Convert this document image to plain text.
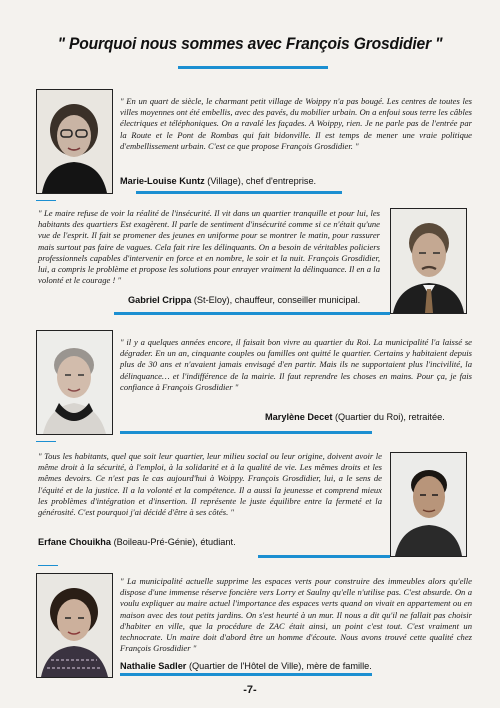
" Pourquoi nous sommes avec François Grosdidier "

" En un quart de siècle, le charmant petit village de Woippy n'a pas bougé. Les centres de toutes les villes moyennes ont été embellis, avec des pavés, du mobilier urbain. On a enfoui sous terre les câbles électriques et téléphoniques. On a ravalé les façades. A Woippy, rien. Je ne parle pas de l'entrée par la Route et le Pont de Rombas qui fait bidonville. Il est temps de mener une vraie politique d'embellissement urbain. C'est ce que propose François Grosdidier. "

Marie-Louise Kuntz (Village), chef d'entreprise.

" Le maire refuse de voir la réalité de l'insécurité. Il vit dans un quartier tranquille et pour lui, les habitants des quartiers Est exagèrent. Il parle de sentiment d'insécurité comme si ce n'était qu'une vue de l'esprit. Il fait se promener des jeunes en uniforme pour se montrer le matin, pour rassurer mais surtout pas faire de vagues. Cela fait rire les délinquants. On a besoin de véritables policiers professionnels capables d'intervenir en force et en nombre, le soir et la nuit. François Grosdidier, lui, a compris le problème et propose les solutions pour enrayer vraiment la délinquance. Il en a la volonté et le courage ! "

Gabriel Crippa (St-Eloy), chauffeur, conseiller municipal.

" il y a quelques années encore, il faisait bon vivre au quartier du Roi. La municipalité l'a laissé se dégrader. En un an, cinquante couples ou familles ont quitté le quartier. Certains y habitaient depuis plus de 30 ans et n'avaient jamais envisagé d'en partir. Mais ils ne supportaient plus l'incivilité, la délinquance… et l'indifférence de la mairie. Il faut reprendre les choses en mains. Pour ça, je fais confiance à François Grosdidier "

Marylène Decet (Quartier du Roi), retraitée.

" Tous les habitants, quel que soit leur quartier, leur milieu social ou leur origine, doivent avoir le même droit à la sécurité, à l'emploi, à la solidarité et à la qualité de vie. Les mêmes droits et les mêmes devoirs. Ce n'est pas le cas aujourd'hui à Woippy. François Grosdidier, lui, a le sens de l'équité et de la justice. Il a la volonté et la compétence. Il a aussi la jeunesse et comprend mieux les problèmes d'intégration et d'insertion. Il représente le juste équilibre entre la fermeté et la générosité. C'est pourquoi j'ai décidé d'être à ses côtés. "

Erfane Chouikha (Boileau-Pré-Génie), étudiant.

" La municipalité actuelle supprime les espaces verts pour construire des immeubles alors qu'elle dispose d'une immense réserve foncière vers Lorry et Saulny qu'elle n'utilise pas. C'est absurde. On a voulu expliquer au maire actuel l'importance des espaces verts quand on vivait en appartement ou en maison avec des tout petits jardins. On s'est heurté à un mur. Il nous a dit qu'il ne fallait pas choisir d'habiter en ville, que la procédure de ZAC était ainsi, un point c'est tout. C'est vraiment un technocrate. Un maire doit d'abord être un homme d'écoute. Nous avons trouvé cette qualité chez François Grosdidier "

Nathalie Sadler (Quartier de l'Hôtel de Ville), mère de famille.
-7-
